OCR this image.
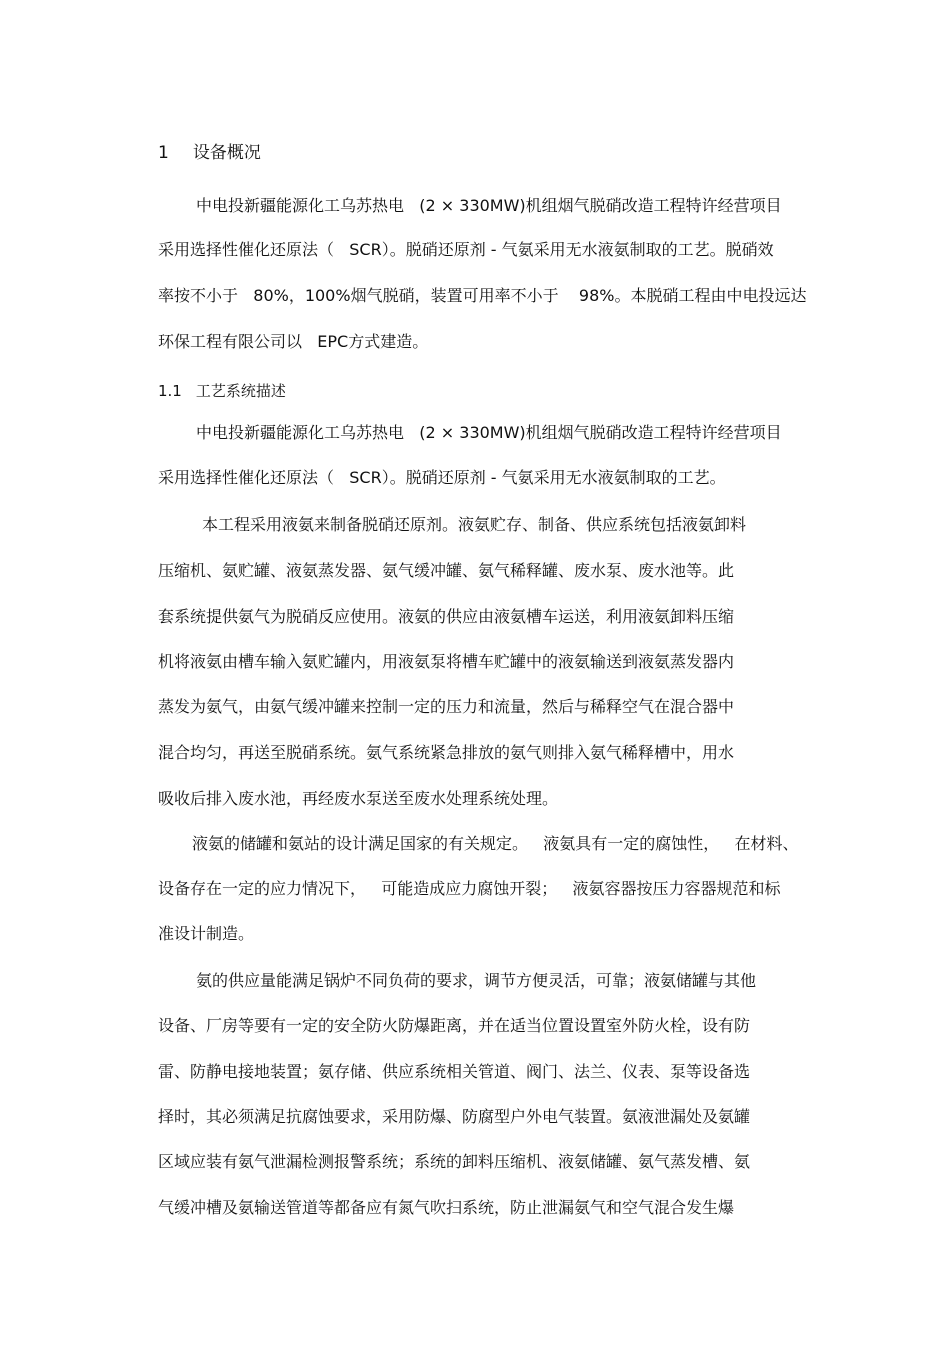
1 设备概况
中电投新疆能源化工乌苏热电   (2 × 330MW)机组烟气脱硝改造工程特许经营项目
采用选择性催化还原法（   SCR）。脱硝还原剂 - 气氨采用无水液氨制取的工艺。脱硝效
率按不小于   80%，100%烟气脱硝，装置可用率不小于    98%。本脱硝工程由中电投远达
环保工程有限公司以   EPC方式建造。
1.1 工艺系统描述
中电投新疆能源化工乌苏热电   (2 × 330MW)机组烟气脱硝改造工程特许经营项目
采用选择性催化还原法（   SCR）。脱硝还原剂 - 气氨采用无水液氨制取的工艺。
本工程采用液氨来制备脱硝还原剂。液氨贮存、制备、供应系统包括液氨卸料
压缩机、氨贮罐、液氨蒸发器、氨气缓冲罐、氨气稀释罐、废水泵、废水池等。此
套系统提供氨气为脱硝反应使用。液氨的供应由液氨槽车运送，利用液氨卸料压缩
机将液氨由槽车输入氨贮罐内，用液氨泵将槽车贮罐中的液氨输送到液氨蒸发器内
蒸发为氨气，由氨气缓冲罐来控制一定的压力和流量，然后与稀释空气在混合器中
混合均匀，再送至脱硝系统。氨气系统紧急排放的氨气则排入氨气稀释槽中，用水
吸收后排入废水池，再经废水泵送至废水处理系统处理。
液氨的储罐和氨站的设计满足国家的有关规定。   液氨具有一定的腐蚀性，   在材料、
设备存在一定的应力情况下，   可能造成应力腐蚀开裂；   液氨容器按压力容器规范和标
准设计制造。
氨的供应量能满足锅炉不同负荷的要求，调节方便灵活，可靠；液氨储罐与其他
设备、厂房等要有一定的安全防火防爆距离，并在适当位置设置室外防火栓，设有防
雷、防静电接地装置；氨存储、供应系统相关管道、阀门、法兰、仪表、泵等设备选
择时，其必须满足抗腐蚀要求，采用防爆、防腐型户外电气装置。氨液泄漏处及氨罐
区域应装有氨气泄漏检测报警系统；系统的卸料压缩机、液氨储罐、氨气蒸发槽、氨
气缓冲槽及氨输送管道等都备应有氮气吹扫系统，防止泄漏氨气和空气混合发生爆
